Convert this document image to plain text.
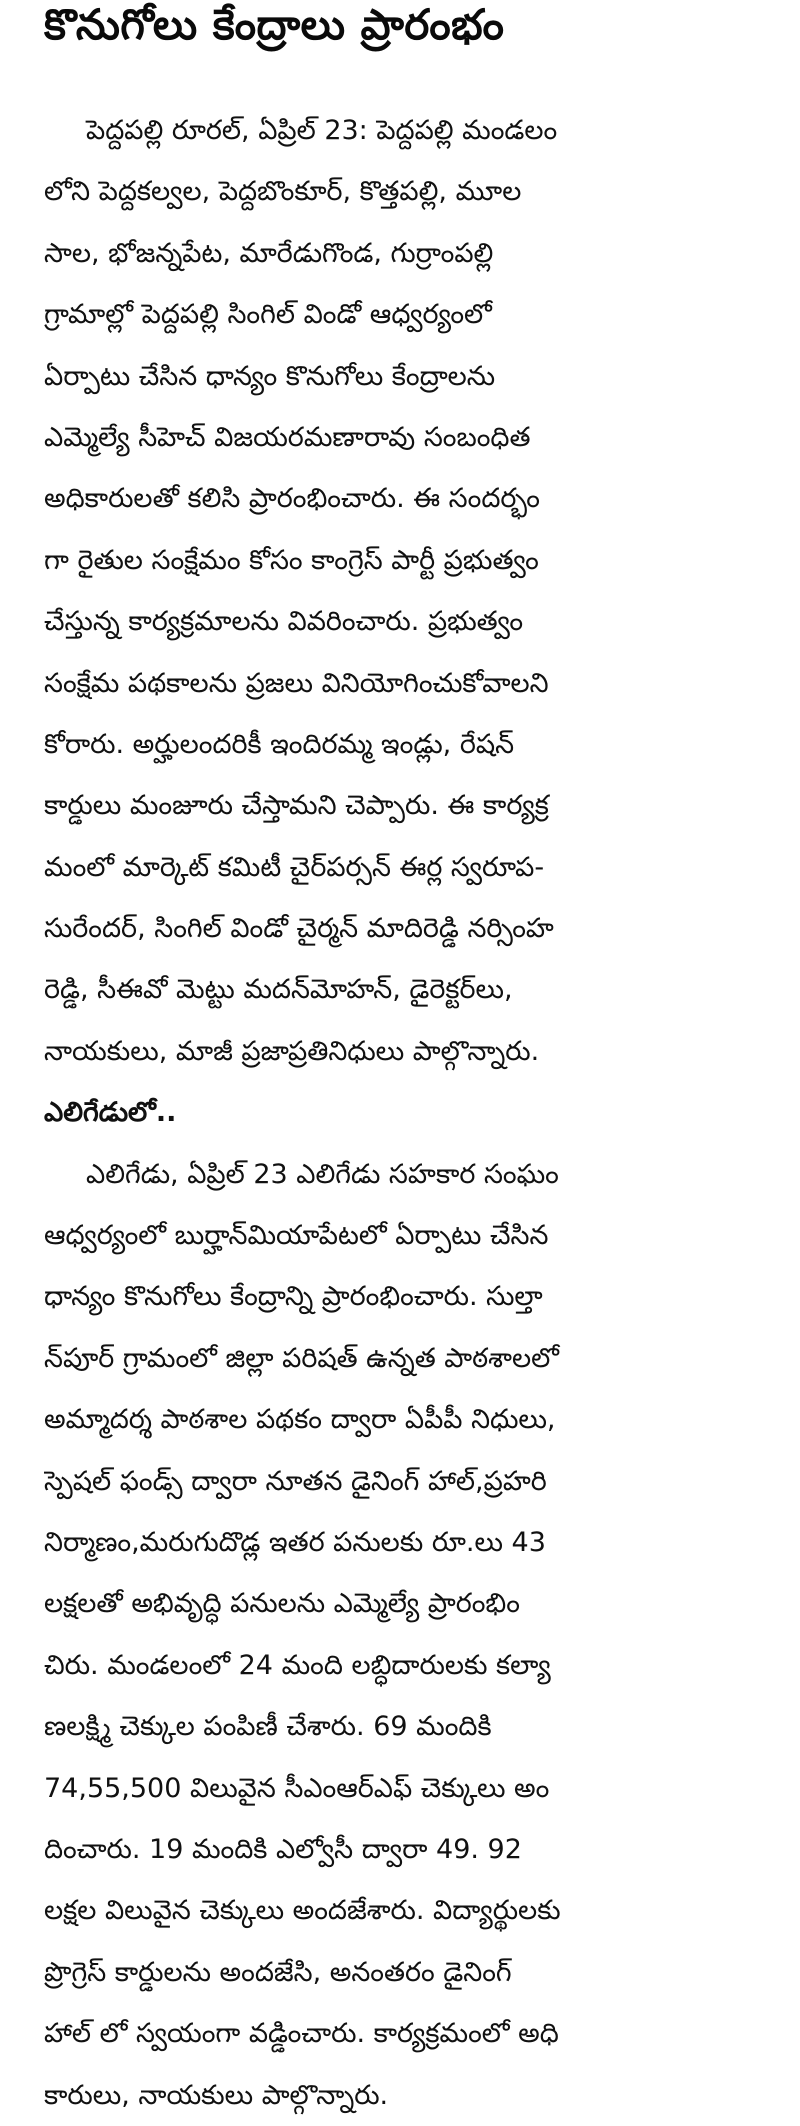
కొనుగోలు కేంద్రాలు ప్రారంభం
పెద్దపల్లి రూరల్, ఏప్రిల్ 23: పెద్దపల్లి మండలం
లోని పెద్దకల్వల, పెద్దబొంకూర్, కొత్తపల్లి, మూల
సాల, భోజన్నపేట, మారేడుగొండ, గుర్రాంపల్లి
గ్రామాల్లో పెద్దపల్లి సింగిల్ విండో ఆధ్వర్యంలో
ఏర్పాటు చేసిన ధాన్యం కొనుగోలు కేంద్రాలను
ఎమ్మెల్యే సీహెచ్ విజయరమణారావు సంబంధిత
అధికారులతో కలిసి ప్రారంభించారు. ఈ సందర్భం
గా రైతుల సంక్షేమం కోసం కాంగ్రెస్ పార్టీ ప్రభుత్వం
చేస్తున్న కార్యక్రమాలను వివరించారు. ప్రభుత్వం
సంక్షేమ పథకాలను ప్రజలు వినియోగించుకోవాలని
కోరారు. అర్హులందరికీ ఇందిరమ్మ ఇండ్లు, రేషన్
కార్డులు మంజూరు చేస్తామని చెప్పారు. ఈ కార్యక్ర
మంలో మార్కెట్ కమిటీ చైర్‌పర్సన్ ఈర్ల స్వరూప-
సురేందర్, సింగిల్ విండో చైర్మన్ మాదిరెడ్డి నర్సింహ
రెడ్డి, సీఈవో మెట్టు మదన్‌మోహన్, డైరెక్టర్‌లు,
నాయకులు, మాజీ ప్రజాప్రతినిధులు పాల్గొన్నారు.
ఎలిగేడులో..
ఎలిగేడు, ఏప్రిల్ 23 ఎలిగేడు సహకార సంఘం
ఆధ్వర్యంలో బుర్హాన్‌మియాపేటలో ఏర్పాటు చేసిన
ధాన్యం కొనుగోలు కేంద్రాన్ని ప్రారంభించారు. సుల్తా
న్‌పూర్ గ్రామంలో జిల్లా పరిషత్ ఉన్నత పాఠశాలలో
అమ్మాదర్శ పాఠశాల పథకం ద్వారా ఏపీపీ నిధులు,
స్పెషల్ ఫండ్స్ ద్వారా నూతన డైనింగ్ హాల్,ప్రహరి
నిర్మాణం,మరుగుదొడ్ల ఇతర పనులకు రూ.లు 43
లక్షలతో అభివృద్ధి పనులను ఎమ్మెల్యే ప్రారంభిం
చిరు. మండలంలో 24 మంది లబ్ధిదారులకు కల్యా
ణలక్ష్మి చెక్కుల పంపిణీ చేశారు. 69 మందికి
74,55,500 విలువైన సీఎంఆర్ఎఫ్ చెక్కులు అం
దించారు. 19 మందికి ఎల్వోసీ ద్వారా 49. 92
లక్షల విలువైన చెక్కులు అందజేశారు. విద్యార్థులకు
ప్రొగ్రెస్ కార్డులను అందజేసి, అనంతరం డైనింగ్
హాల్ లో స్వయంగా వడ్డించారు. కార్యక్రమంలో అధి
కారులు, నాయకులు పాల్గొన్నారు.
